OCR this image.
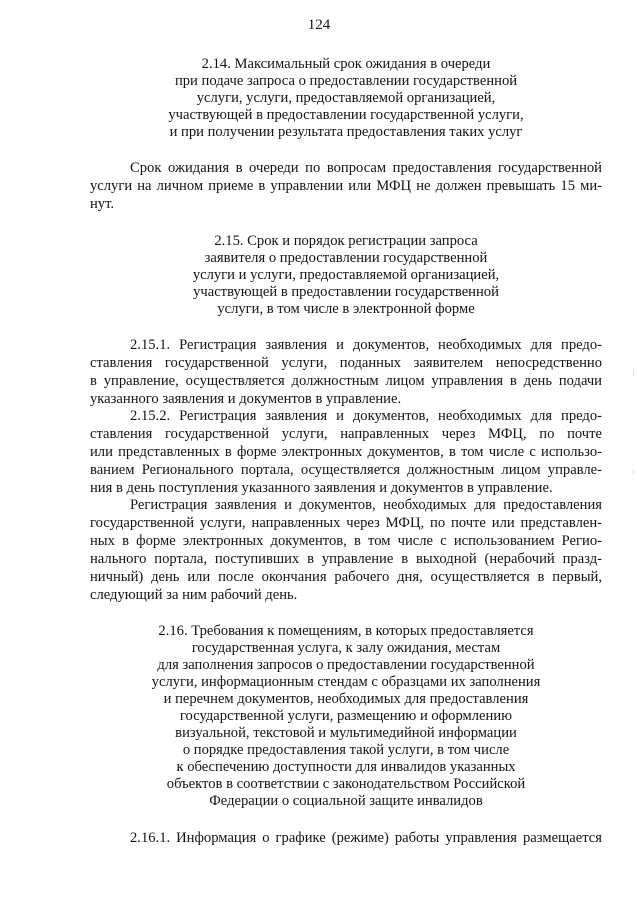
124
2.14. Максимальный срок ожидания в очереди
при подаче запроса о предоставлении государственной
услуги, услуги, предоставляемой организацией,
участвующей в предоставлении государственной услуги,
и при получении результата предоставления таких услуг
Срок ожидания в очереди по вопросам предоставления государственной
услуги на личном приеме в управлении или МФЦ не должен превышать 15 ми-
нут.
2.15. Срок и порядок регистрации запроса
заявителя о предоставлении государственной
услуги и услуги, предоставляемой организацией,
участвующей в предоставлении государственной
услуги, в том числе в электронной форме
2.15.1. Регистрация заявления и документов, необходимых для предо-
ставления государственной услуги, поданных заявителем непосредственно
в управление, осуществляется должностным лицом управления в день подачи
указанного заявления и документов в управление.
2.15.2. Регистрация заявления и документов, необходимых для предо-
ставления государственной услуги, направленных через МФЦ, по почте
или представленных в форме электронных документов, в том числе с использо-
ванием Регионального портала, осуществляется должностным лицом управле-
ния в день поступления указанного заявления и документов в управление.
Регистрация заявления и документов, необходимых для предоставления
государственной услуги, направленных через МФЦ, по почте или представлен-
ных в форме электронных документов, в том числе с использованием Регио-
нального портала, поступивших в управление в выходной (нерабочий празд-
ничный) день или после окончания рабочего дня, осуществляется в первый,
следующий за ним рабочий день.
2.16. Требования к помещениям, в которых предоставляется
государственная услуга, к залу ожидания, местам
для заполнения запросов о предоставлении государственной
услуги, информационным стендам с образцами их заполнения
и перечнем документов, необходимых для предоставления
государственной услуги, размещению и оформлению
визуальной, текстовой и мультимедийной информации
о порядке предоставления такой услуги, в том числе
к обеспечению доступности для инвалидов указанных
объектов в соответствии с законодательством Российской
Федерации о социальной защите инвалидов
2.16.1. Информация о графике (режиме) работы управления размещается
